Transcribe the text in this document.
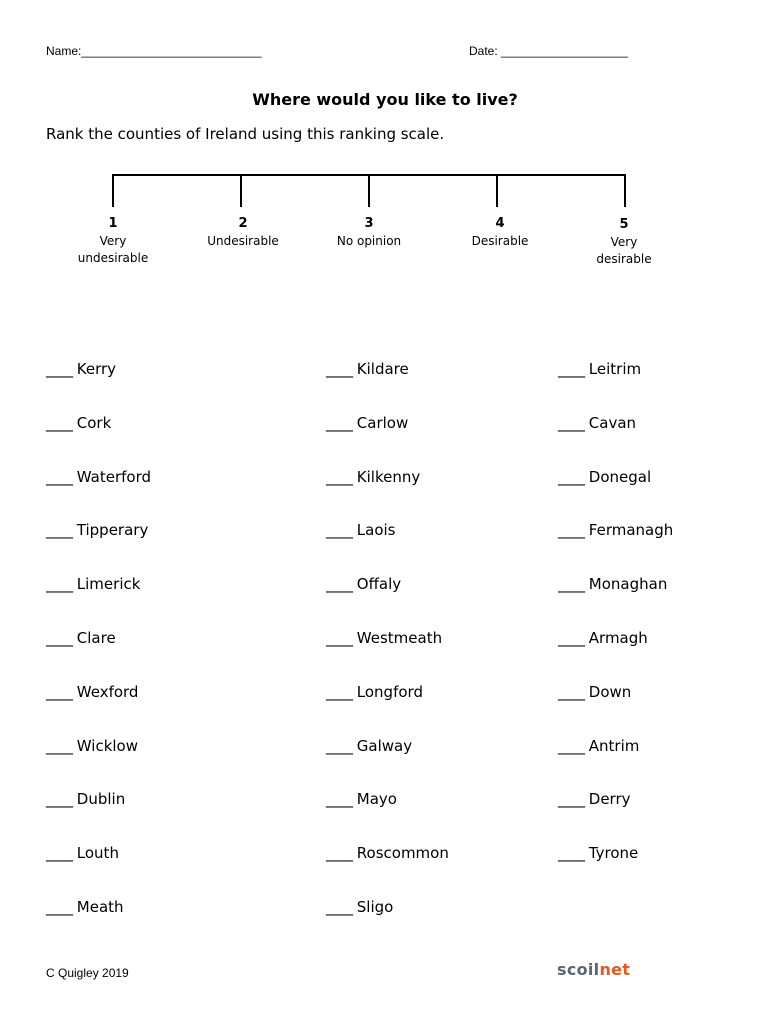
Name:___________________________	Date: ___________________
Where would you like to live?
Rank the counties of Ireland using this ranking scale.
1
Very undesirable
2
Undesirable
3
No opinion
4
Desirable
5
Very desirable
____ Kerry
____ Cork
____ Waterford
____ Tipperary
____ Limerick
____ Clare
____ Wexford
____ Wicklow
____ Dublin
____ Louth
____ Meath
____ Kildare
____ Carlow
____ Kilkenny
____ Laois
____ Offaly
____ Westmeath
____ Longford
____ Galway
____ Mayo
____ Roscommon
____ Sligo
____ Leitrim
____ Cavan
____ Donegal
____ Fermanagh
____ Monaghan
____ Armagh
____ Down
____ Antrim
____ Derry
____ Tyrone
C Quigley 2019	scoilnet
